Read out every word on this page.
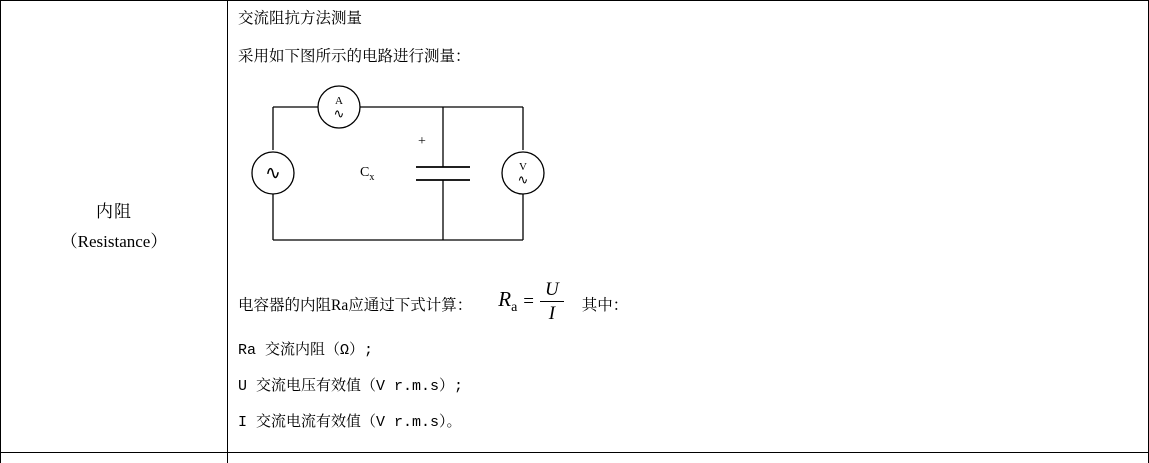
内阻
（Resistance）
交流阻抗方法测量
采用如下图所示的电路进行测量：
∿
A
∿
V
∿
$C_x$
+
电容器的内阻Ra应通过下式计算： $R_a = \frac{U}{I}$ 其中：
Ra 交流内阻（Ω）;
U 交流电压有效值（V r.m.s）;
I 交流电流有效值（V r.m.s）。
